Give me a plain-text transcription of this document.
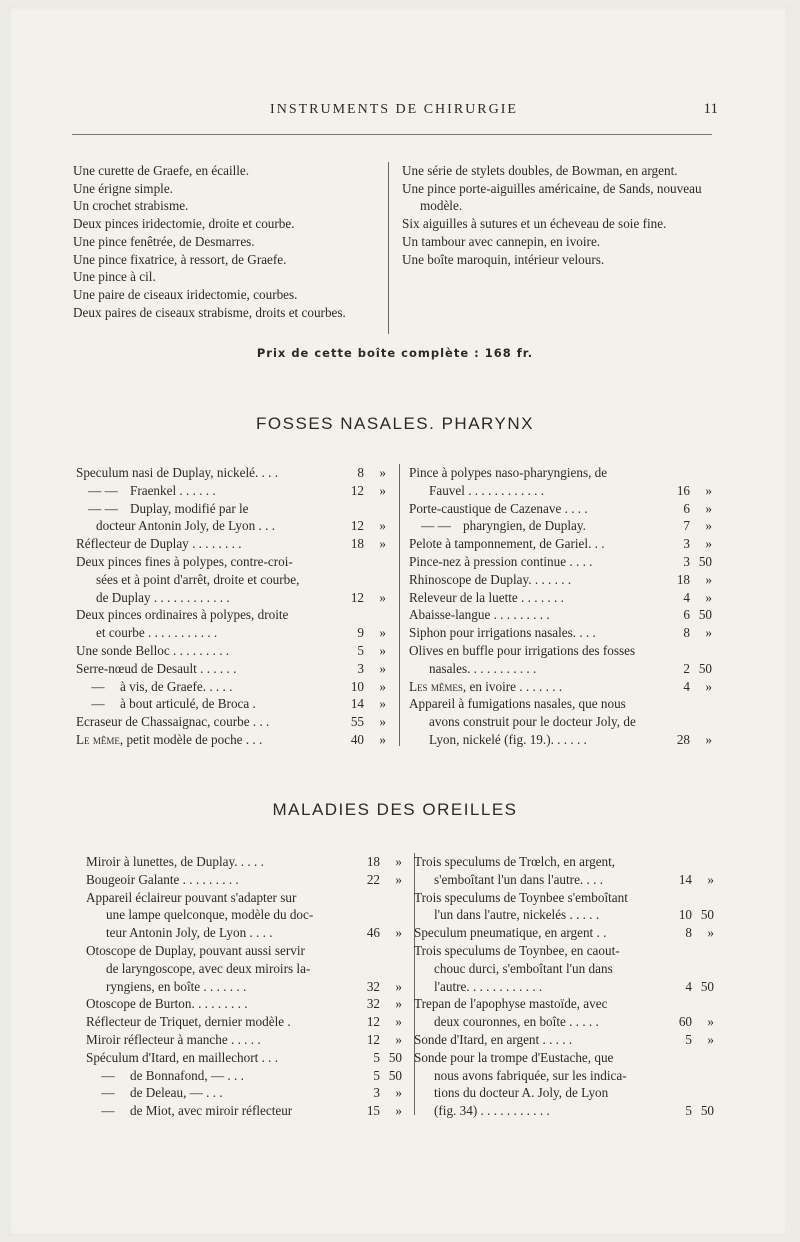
INSTRUMENTS DE CHIRURGIE	11
Une curette de Graefe, en écaille.
Une érigne simple.
Un crochet strabisme.
Deux pinces iridectomie, droite et courbe.
Une pince fenêtrée, de Desmarres.
Une pince fixatrice, à ressort, de Graefe.
Une pince à cil.
Une paire de ciseaux iridectomie, courbes.
Deux paires de ciseaux strabisme, droits et courbes.
Une série de stylets doubles, de Bowman, en argent.
Une pince porte-aiguilles américaine, de Sands, nouveau modèle.
Six aiguilles à sutures et un écheveau de soie fine.
Un tambour avec cannepin, en ivoire.
Une boîte maroquin, intérieur velours.
Prix de cette boîte complète : 168 fr.
FOSSES NASALES. PHARYNX
Speculum nasi de Duplay, nickelé. . . .	8	»
— — Fraenkel . . . . . .	12	»
— — Duplay, modifié par le
docteur Antonin Joly, de Lyon . . .	12	»
Réflecteur de Duplay . . . . . . . .	18	»
Deux pinces fines à polypes, contre-croi-
sées et à point d'arrêt, droite et courbe,
de Duplay . . . . . . . . . . . .	12	»
Deux pinces ordinaires à polypes, droite
et courbe . . . . . . . . . . .	9	»
Une sonde Belloc . . . . . . . . .	5	»
Serre-nœud de Desault . . . . . .	3	»
— à vis, de Graefe. . . . .	10	»
— à bout articulé, de Broca .	14	»
Ecraseur de Chassaignac, courbe . . .	55	»
Le même, petit modèle de poche . . .	40	»
Pince à polypes naso-pharyngiens, de
Fauvel . . . . . . . . . . . .	16	»
Porte-caustique de Cazenave . . . .	6	»
— — pharyngien, de Duplay.	7	»
Pelote à tamponnement, de Gariel. . .	3	»
Pince-nez à pression continue . . . .	3 50
Rhinoscope de Duplay. . . . . . .	18	»
Releveur de la luette . . . . . . .	4	»
Abaisse-langue . . . . . . . . .	6 50
Siphon pour irrigations nasales. . . .	8	»
Olives en buffle pour irrigations des fosses
nasales. . . . . . . . . . .	2 50
Les mêmes, en ivoire . . . . . . .	4	»
Appareil à fumigations nasales, que nous
avons construit pour le docteur Joly, de
Lyon, nickelé (fig. 19.). . . . . .	28	»
MALADIES DES OREILLES
Miroir à lunettes, de Duplay. . . . .	18	»
Bougeoir Galante . . . . . . . . .	22	»
Appareil éclaireur pouvant s'adapter sur
une lampe quelconque, modèle du doc-
teur Antonin Joly, de Lyon . . . .	46	»
Otoscope de Duplay, pouvant aussi servir
de laryngoscope, avec deux miroirs la-
ryngiens, en boîte . . . . . . .	32	»
Otoscope de Burton. . . . . . . . .	32	»
Réflecteur de Triquet, dernier modèle .	12	»
Miroir réflecteur à manche . . . . .	12	»
Spéculum d'Itard, en maillechort . . .	5 50
— de Bonnafond, — . . .	5 50
— de Deleau, — . . .	3	»
— de Miot, avec miroir réflecteur	15	»
Trois speculums de Trœlch, en argent,
s'emboîtant l'un dans l'autre. . . .	14	»
Trois speculums de Toynbee s'emboîtant
l'un dans l'autre, nickelés . . . . .	10 50
Speculum pneumatique, en argent . .	8	»
Trois speculums de Toynbee, en caout-
chouc durci, s'emboîtant l'un dans
l'autre. . . . . . . . . . . .	4 50
Trepan de l'apophyse mastoïde, avec
deux couronnes, en boîte . . . . .	60	»
Sonde d'Itard, en argent . . . . .	5	»
Sonde pour la trompe d'Eustache, que
nous avons fabriquée, sur les indica-
tions du docteur A. Joly, de Lyon
(fig. 34) . . . . . . . . . . .	5 50
